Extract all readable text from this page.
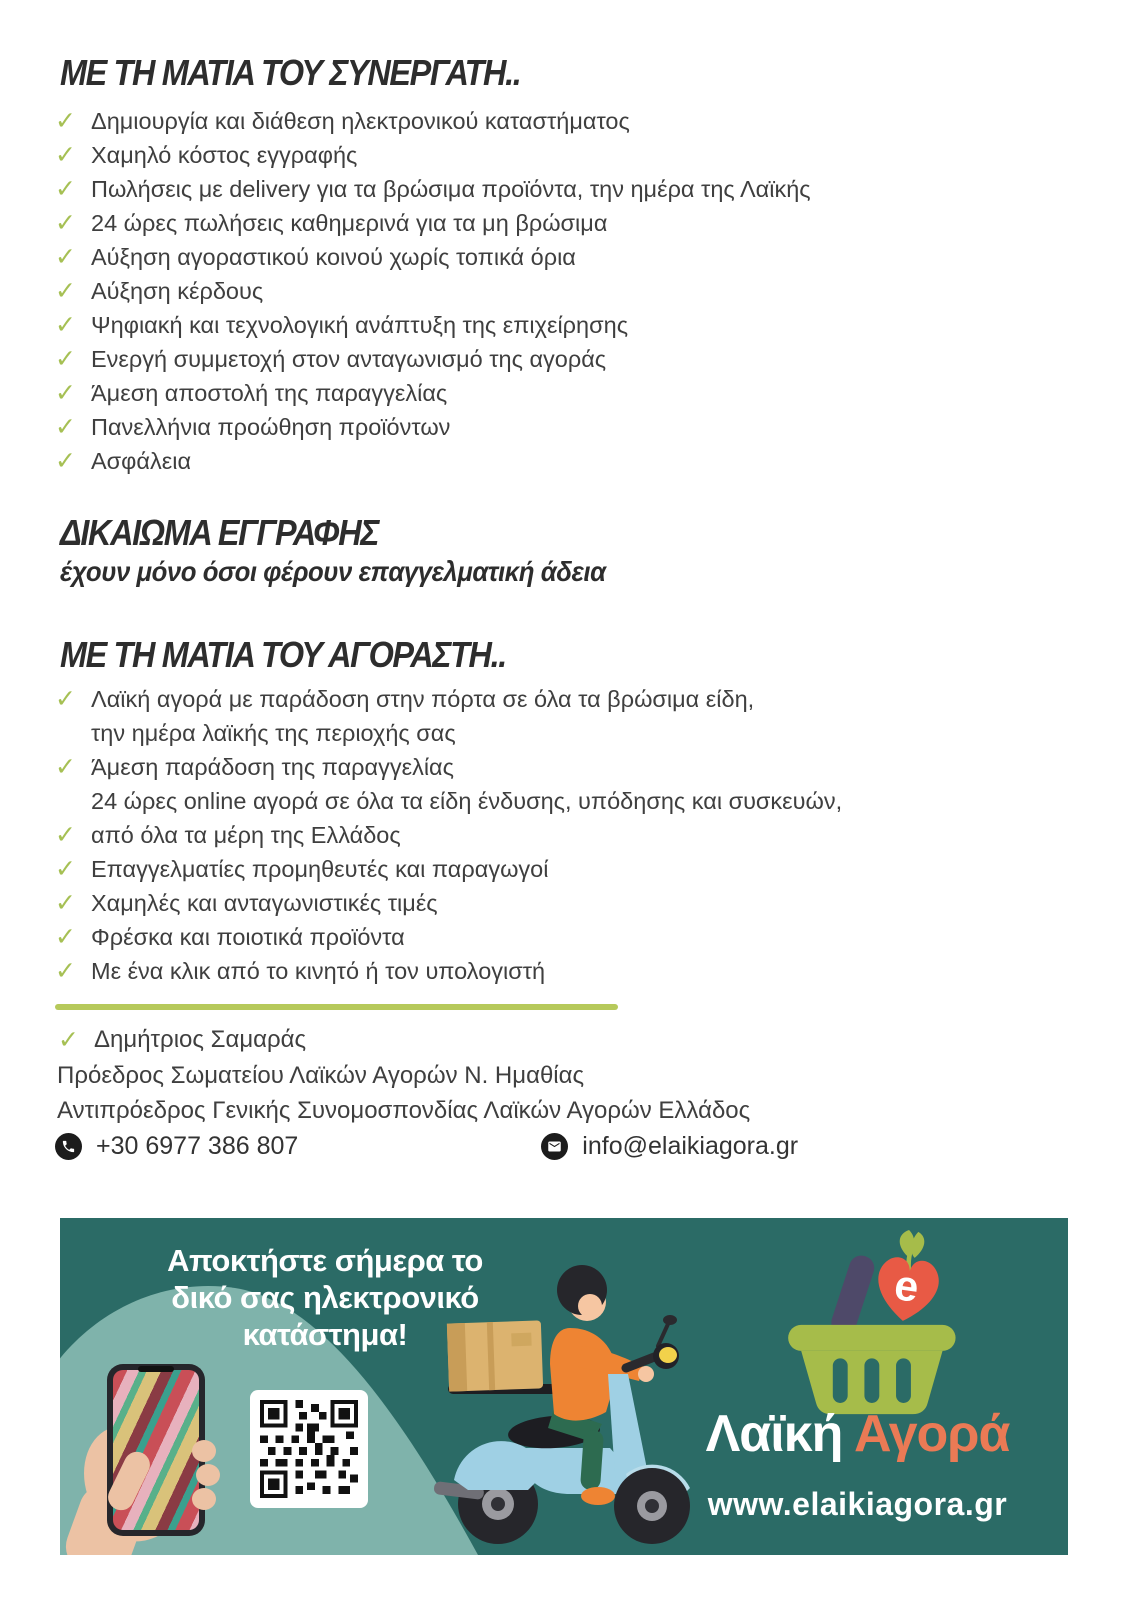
ΜΕ ΤΗ ΜΑΤΙΑ ΤΟΥ ΣΥΝΕΡΓΑΤΗ..
✓ Δημιουργία και διάθεση ηλεκτρονικού καταστήματος
✓ Χαμηλό κόστος εγγραφής
✓ Πωλήσεις με delivery για τα βρώσιμα προϊόντα, την ημέρα της Λαϊκής
✓ 24 ώρες πωλήσεις καθημερινά για τα μη βρώσιμα
✓ Αύξηση αγοραστικού κοινού χωρίς τοπικά όρια
✓ Αύξηση κέρδους
✓ Ψηφιακή και τεχνολογική ανάπτυξη της επιχείρησης
✓ Ενεργή συμμετοχή στον ανταγωνισμό της αγοράς
✓ Άμεση αποστολή της παραγγελίας
✓ Πανελλήνια προώθηση προϊόντων
✓ Ασφάλεια
ΔΙΚΑΙΩΜΑ ΕΓΓΡΑΦΗΣ
έχουν μόνο όσοι φέρουν επαγγελματική άδεια
ΜΕ ΤΗ ΜΑΤΙΑ ΤΟΥ ΑΓΟΡΑΣΤΗ..
✓ Λαϊκή αγορά με παράδοση στην πόρτα σε όλα τα βρώσιμα είδη,
την ημέρα λαϊκής της περιοχής σας
✓ Άμεση παράδοση της παραγγελίας
24 ώρες online αγορά σε όλα τα είδη ένδυσης, υπόδησης και συσκευών,
✓ από όλα τα μέρη της Ελλάδος
✓ Επαγγελματίες προμηθευτές και παραγωγοί
✓ Χαμηλές και ανταγωνιστικές τιμές
✓ Φρέσκα και ποιοτικά προϊόντα
✓ Με ένα κλικ από το κινητό ή τον υπολογιστή
✓ Δημήτριος Σαμαράς
Πρόεδρος Σωματείου Λαϊκών Αγορών Ν. Ημαθίας
Αντιπρόεδρος Γενικής Συνομοσπονδίας Λαϊκών Αγορών Ελλάδος
+30 6977 386 807	info@elaikiagora.gr
Αποκτήστε σήμερα το
δικό σας ηλεκτρονικό
κατάστημα!
e
Λαϊκή Αγορά
www.elaikiagora.gr
